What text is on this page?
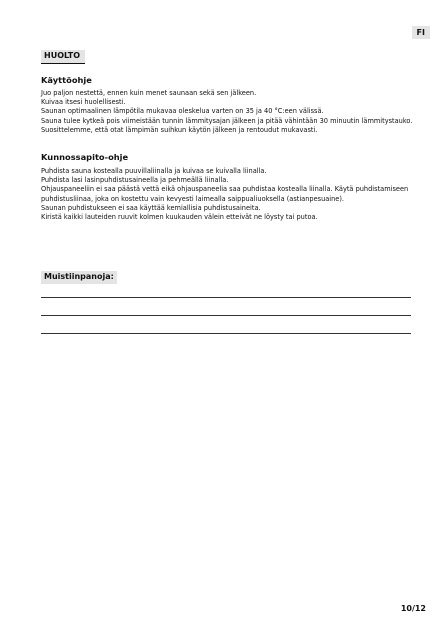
FI
HUOLTO
Käyttöohje
Juo paljon nestettä, ennen kuin menet saunaan sekä sen jälkeen.
Kuivaa itsesi huolellisesti.
Saunan optimaalinen lämpötila mukavaa oleskelua varten on 35 ja 40 °C:een välissä.
Sauna tulee kytkeä pois viimeistään tunnin lämmitysajan jälkeen ja pitää vähintään 30 minuutin lämmitystauko.
Suosittelemme, että otat lämpimän suihkun käytön jälkeen ja rentoudut mukavasti.
Kunnossapito-ohje
Puhdista sauna kostealla puuvillaliinalla ja kuivaa se kuivalla liinalla.
Puhdista lasi lasinpuhdistusaineella ja pehmeällä liinalla.
Ohjauspaneeliin ei saa päästä vettä eikä ohjauspaneelia saa puhdistaa kostealla liinalla. Käytä puhdistamiseen
puhdistusliinaa, joka on kostettu vain kevyesti laimealla saippualiuoksella (astianpesuaine).
Saunan puhdistukseen ei saa käyttää kemiallisia puhdistusaineita.
Kiristä kaikki lauteiden ruuvit kolmen kuukauden välein etteivät ne löysty tai putoa.
Muistiinpanoja:
10/12
